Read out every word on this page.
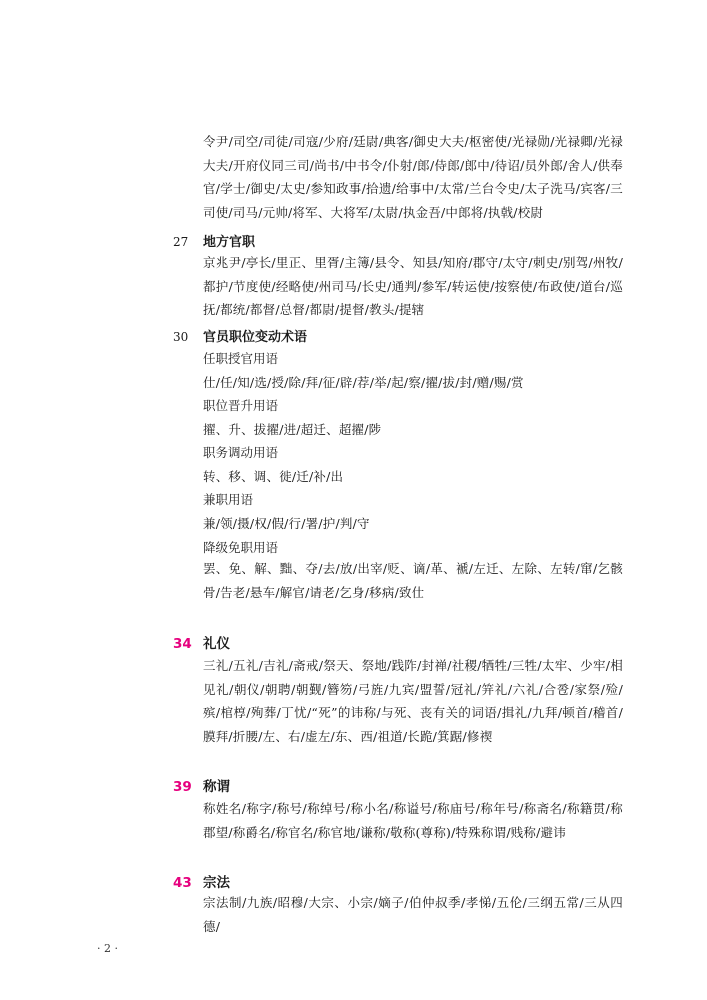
令尹/司空/司徒/司寇/少府/廷尉/典客/御史大夫/枢密使/光禄勋/光禄卿/光禄大夫/开府仪同三司/尚书/中书令/仆射/郎/侍郎/郎中/待诏/员外郎/舍人/供奉官/学士/御史/太史/参知政事/拾遗/给事中/太常/兰台令史/太子洗马/宾客/三司使/司马/元帅/将军、大将军/太尉/执金吾/中郎将/执戟/校尉
27 地方官职
京兆尹/亭长/里正、里胥/主簿/县令、知县/知府/郡守/太守/刺史/别驾/州牧/都护/节度使/经略使/州司马/长史/通判/参军/转运使/按察使/布政使/道台/巡抚/都统/都督/总督/都尉/提督/教头/提辖
30 官员职位变动术语
任职授官用语
仕/任/知/选/授/除/拜/征/辟/荐/举/起/察/擢/拔/封/赠/赐/赏
职位晋升用语
擢、升、拔擢/进/超迁、超擢/陟
职务调动用语
转、移、调、徙/迁/补/出
兼职用语
兼/领/摄/权/假/行/署/护/判/守
降级免职用语
罢、免、解、黜、夺/去/放/出宰/贬、谪/革、褫/左迁、左除、左转/窜/乞骸骨/告老/悬车/解官/请老/乞身/移病/致仕
34 礼仪
三礼/五礼/吉礼/斋戒/祭天、祭地/践阼/封禅/社稷/牺牲/三牲/太牢、少牢/相见礼/朝仪/朝聘/朝觐/簪笏/弓旌/九宾/盟誓/冠礼/笄礼/六礼/合卺/家祭/殓/殡/棺椁/殉葬/丁忧/“死”的讳称/与死、丧有关的词语/揖礼/九拜/顿首/稽首/膜拜/折腰/左、右/虚左/东、西/祖道/长跪/箕踞/修禊
39 称谓
称姓名/称字/称号/称绰号/称小名/称谥号/称庙号/称年号/称斋名/称籍贯/称郡望/称爵名/称官名/称官地/谦称/敬称(尊称)/特殊称谓/贱称/避讳
43 宗法
宗法制/九族/昭穆/大宗、小宗/嫡子/伯仲叔季/孝悌/五伦/三纲五常/三从四德/
· 2 ·
